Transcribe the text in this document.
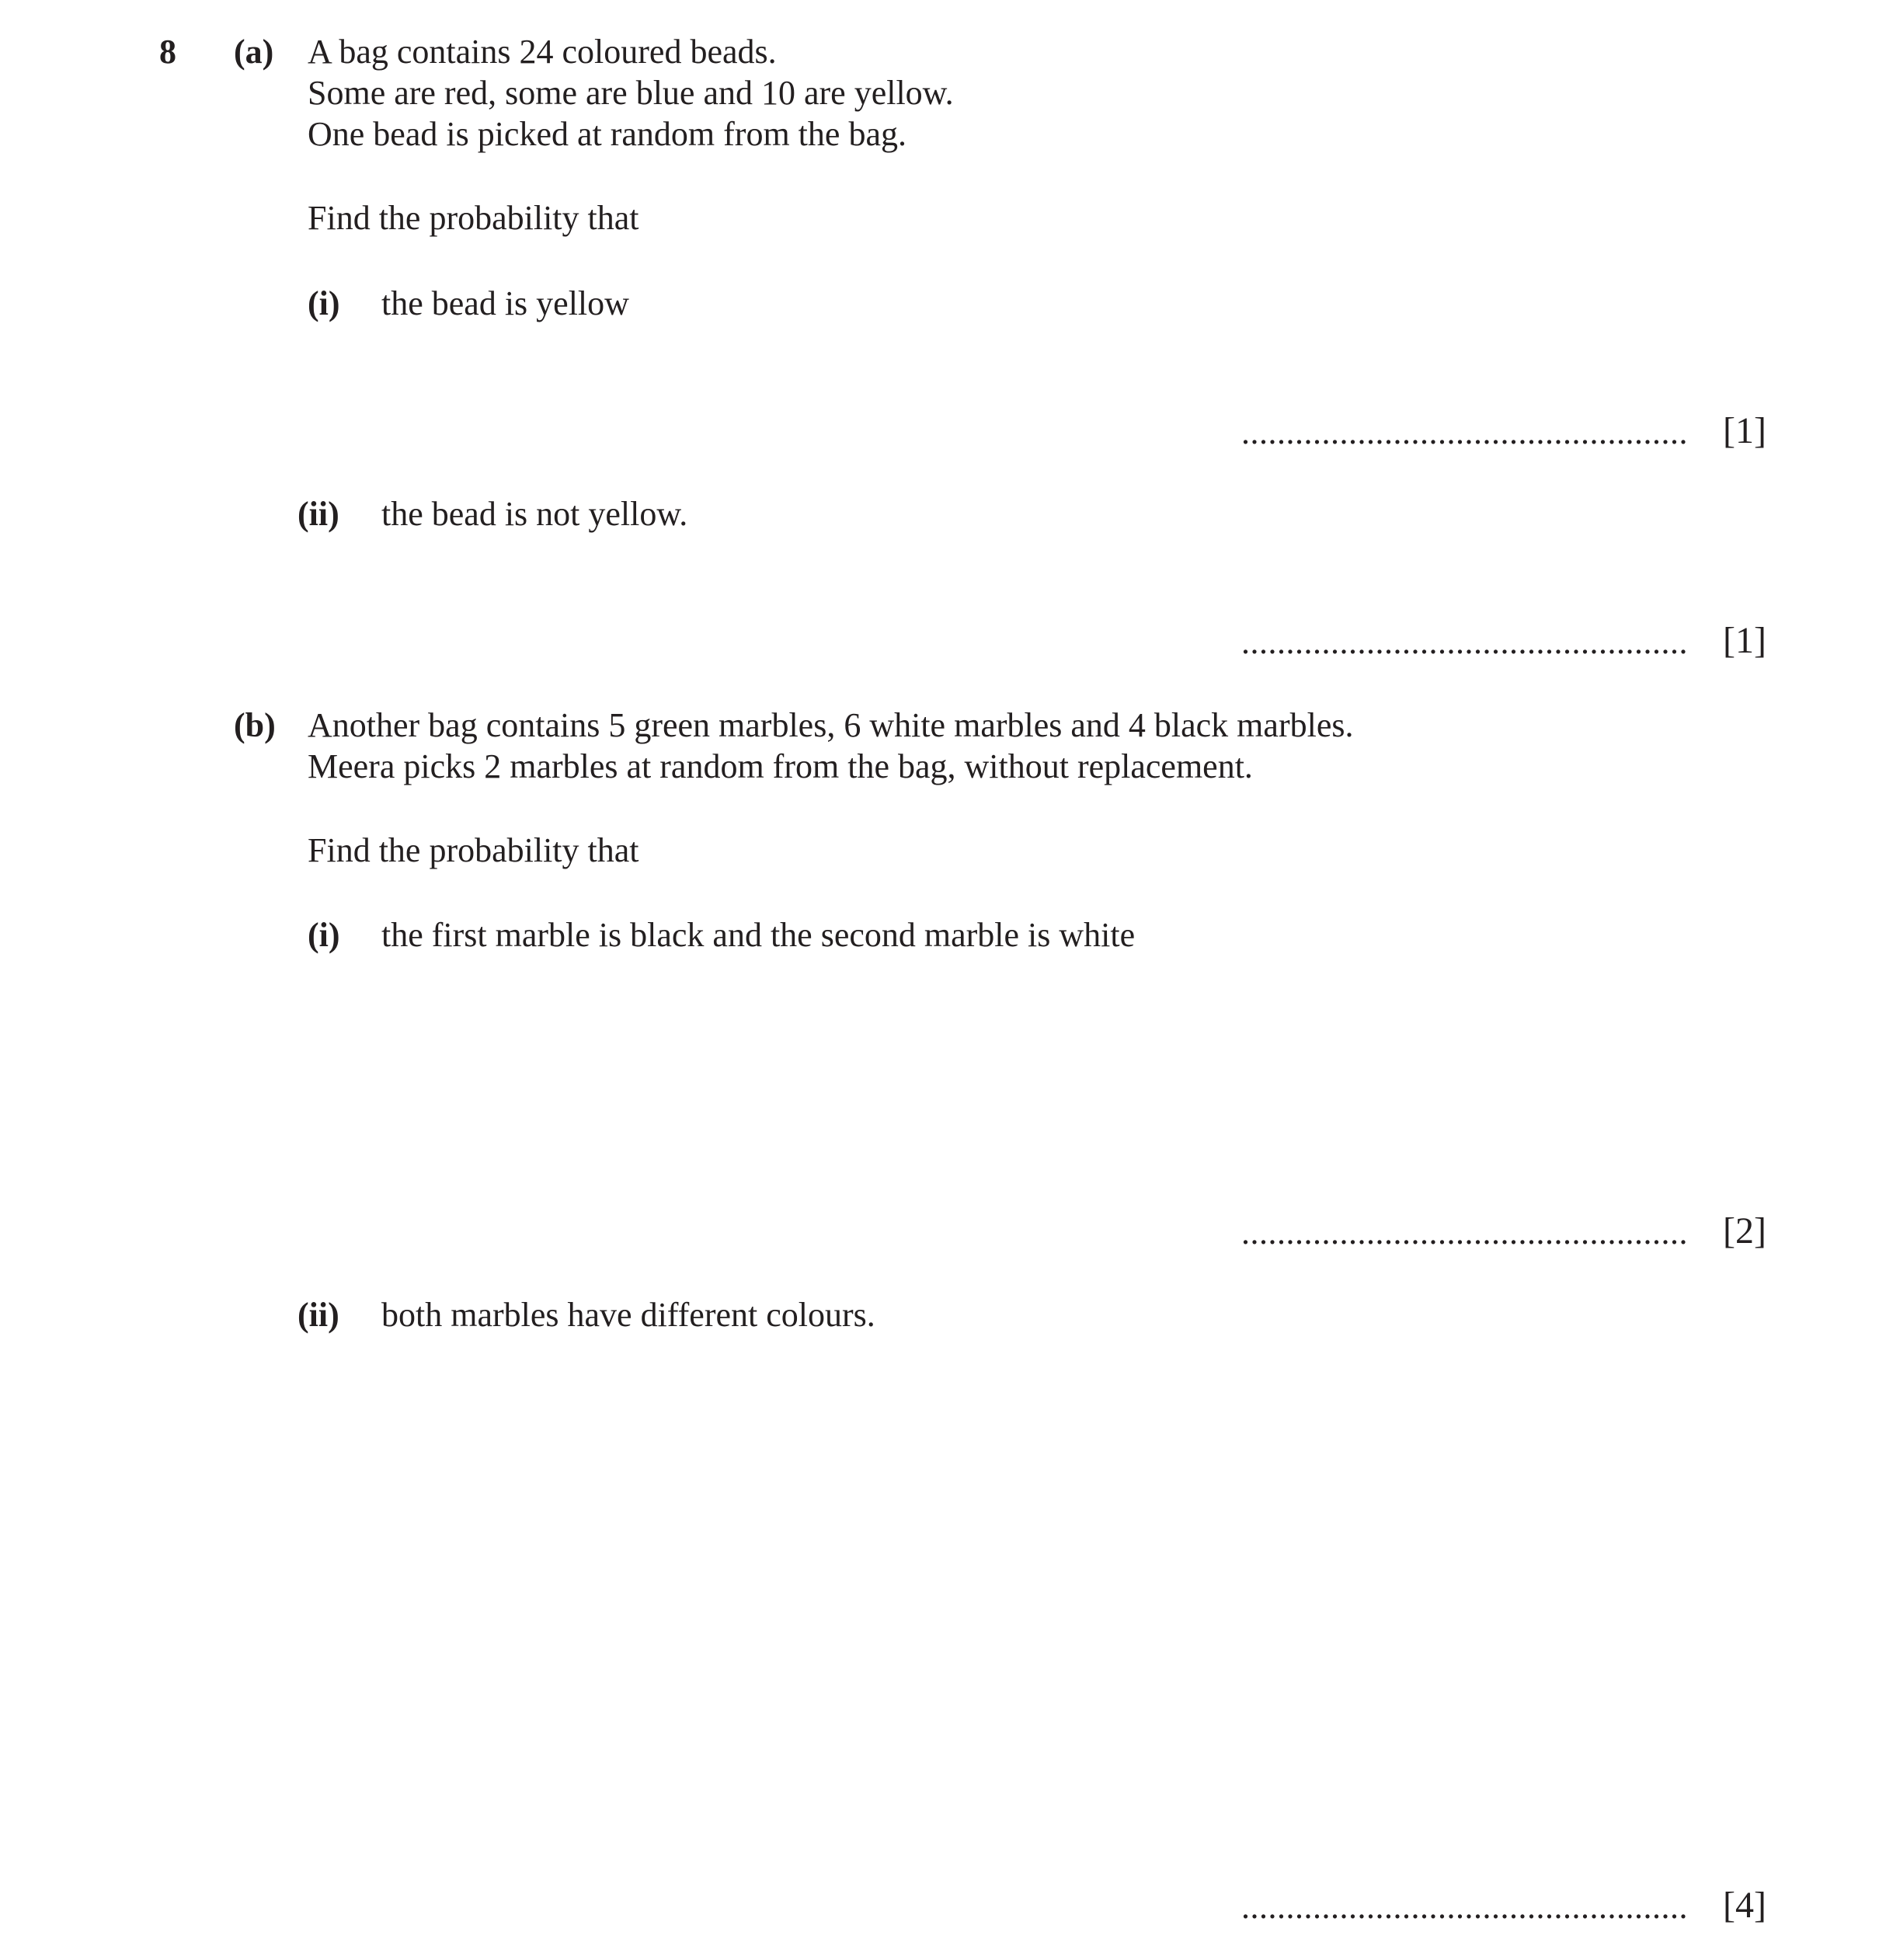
8 (a) A bag contains 24 coloured beads.
Some are red, some are blue and 10 are yellow.
One bead is picked at random from the bag.
Find the probability that
(i) the bead is yellow
.................................................. [1]
(ii) the bead is not yellow.
.................................................. [1]
(b) Another bag contains 5 green marbles, 6 white marbles and 4 black marbles.
Meera picks 2 marbles at random from the bag, without replacement.
Find the probability that
(i) the first marble is black and the second marble is white
.................................................. [2]
(ii) both marbles have different colours.
.................................................. [4]
